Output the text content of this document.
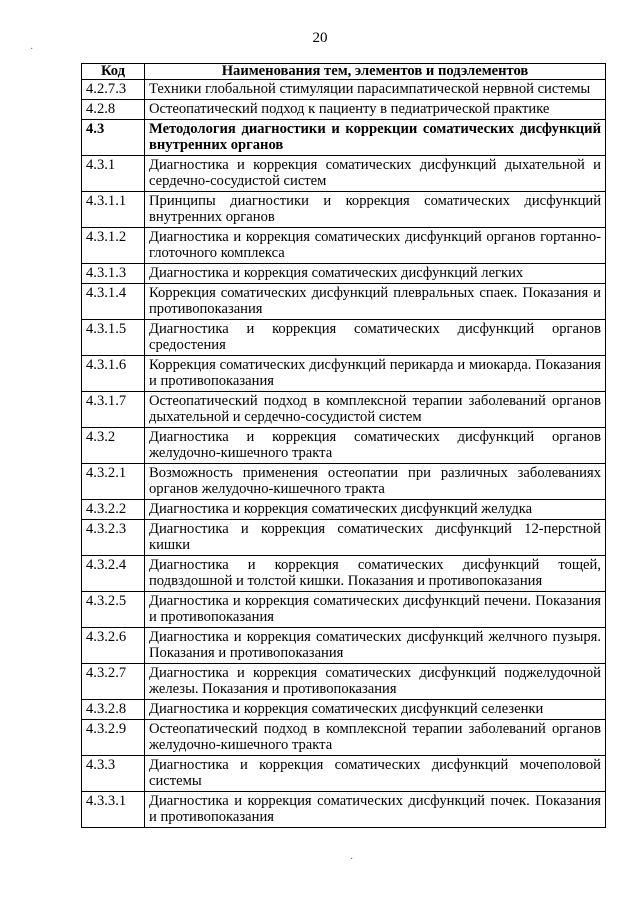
20
Код	Наименования тем, элементов и подэлементов
4.2.7.3	Техники глобальной стимуляции парасимпатической нервной системы
4.2.8	Остеопатический подход к пациенту в педиатрической практике
4.3	Методология диагностики и коррекции соматических дисфункций внутренних органов
4.3.1	Диагностика и коррекция соматических дисфункций дыхательной и сердечно-сосудистой систем
4.3.1.1	Принципы диагностики и коррекция соматических дисфункций внутренних органов
4.3.1.2	Диагностика и коррекция соматических дисфункций органов гортанно-глоточного комплекса
4.3.1.3	Диагностика и коррекция соматических дисфункций легких
4.3.1.4	Коррекция соматических дисфункций плевральных спаек. Показания и противопоказания
4.3.1.5	Диагностика и коррекция соматических дисфункций органов средостения
4.3.1.6	Коррекция соматических дисфункций перикарда и миокарда. Показания и противопоказания
4.3.1.7	Остеопатический подход в комплексной терапии заболеваний органов дыхательной и сердечно-сосудистой систем
4.3.2	Диагностика и коррекция соматических дисфункций органов желудочно-кишечного тракта
4.3.2.1	Возможность применения остеопатии при различных заболеваниях органов желудочно-кишечного тракта
4.3.2.2	Диагностика и коррекция соматических дисфункций желудка
4.3.2.3	Диагностика и коррекция соматических дисфункций 12-перстной кишки
4.3.2.4	Диагностика и коррекция соматических дисфункций тощей, подвздошной и толстой кишки. Показания и противопоказания
4.3.2.5	Диагностика и коррекция соматических дисфункций печени. Показания и противопоказания
4.3.2.6	Диагностика и коррекция соматических дисфункций желчного пузыря. Показания и противопоказания
4.3.2.7	Диагностика и коррекция соматических дисфункций поджелудочной железы. Показания и противопоказания
4.3.2.8	Диагностика и коррекция соматических дисфункций селезенки
4.3.2.9	Остеопатический подход в комплексной терапии заболеваний органов желудочно-кишечного тракта
4.3.3	Диагностика и коррекция соматических дисфункций мочеполовой системы
4.3.3.1	Диагностика и коррекция соматических дисфункций почек. Показания и противопоказания
·
·
